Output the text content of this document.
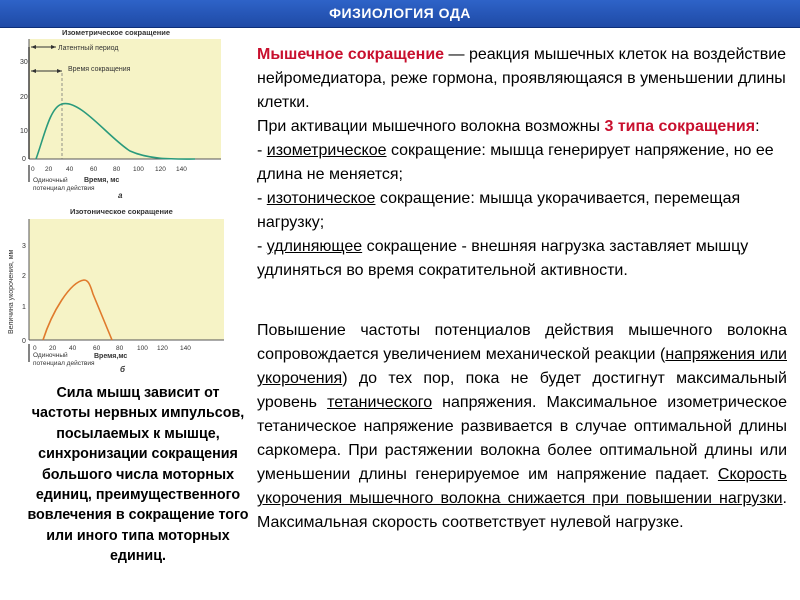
ФИЗИОЛОГИЯ ОДА
Изометрическое сокращение
30
20
10
0
Латентный период
Время сокращения
0 20 40	60 80 100 120 140
Время, мс
Одиночный
потенциал действия
а
Изотоническое сокращение
Величина укорочения, мм
3
2
1
0
0 20 40	60 80 100 120 140
Время,мс
Одиночный
потенциал действия
б

Мышечное сокращение — реакция мышечных клеток на воздействие нейромедиатора, реже гормона, проявляющаяся в уменьшении длины клетки.

При активации мышечного волокна возможны 3 типа сокращения:

- изометрическое сокращение: мышца генерирует напряжение, но ее длина не меняется;

- изотоническое сокращение: мышца укорачивается, перемещая нагрузку;

- удлиняющее сокращение - внешняя нагрузка заставляет мышцу удлиняться во время сократительной активности.

Повышение частоты потенциалов действия мышечного волокна сопровождается увеличением механической реакции (напряжения или укорочения) до тех пор, пока не будет достигнут максимальный уровень тетанического напряжения. Максимальное изометрическое тетаническое напряжение развивается в случае оптимальной длины саркомера. При растяжении волокна более оптимальной длины или уменьшении длины генерируемое им напряжение падает. Скорость укорочения мышечного волокна снижается при повышении нагрузки. Максимальная скорость соответствует нулевой нагрузке.

Сила мышц зависит от частоты нервных импульсов, посылаемых к мышце, синхронизации сокращения большого числа моторных единиц, преимущественного вовлечения в сокращение того или иного типа моторных единиц.
